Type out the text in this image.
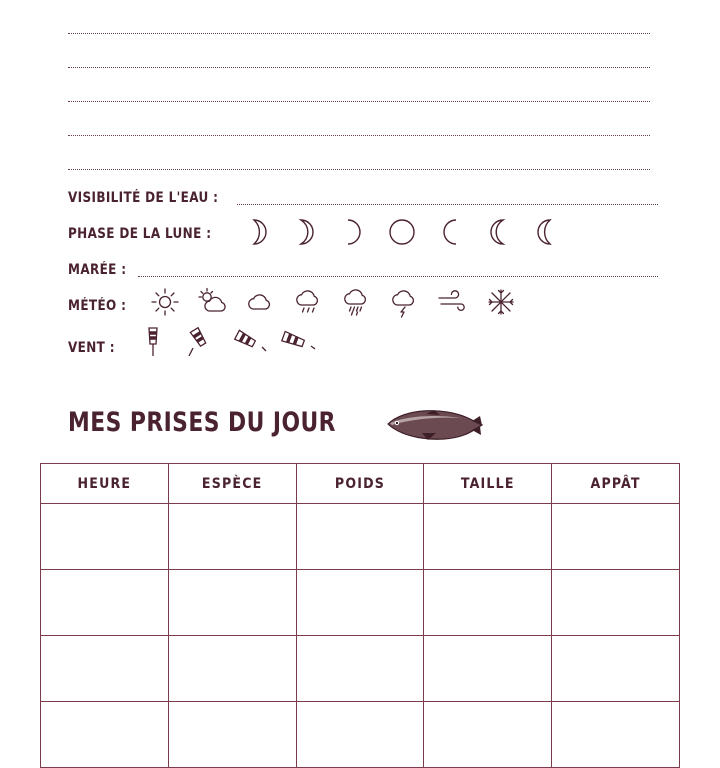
VISIBILITÉ DE L'EAU :
PHASE DE LA LUNE :
MARÉE :
MÉTÉO :
VENT :
MES PRISES DU JOUR
HEURE	ESPÈCE	POIDS	TAILLE	APPÂT
